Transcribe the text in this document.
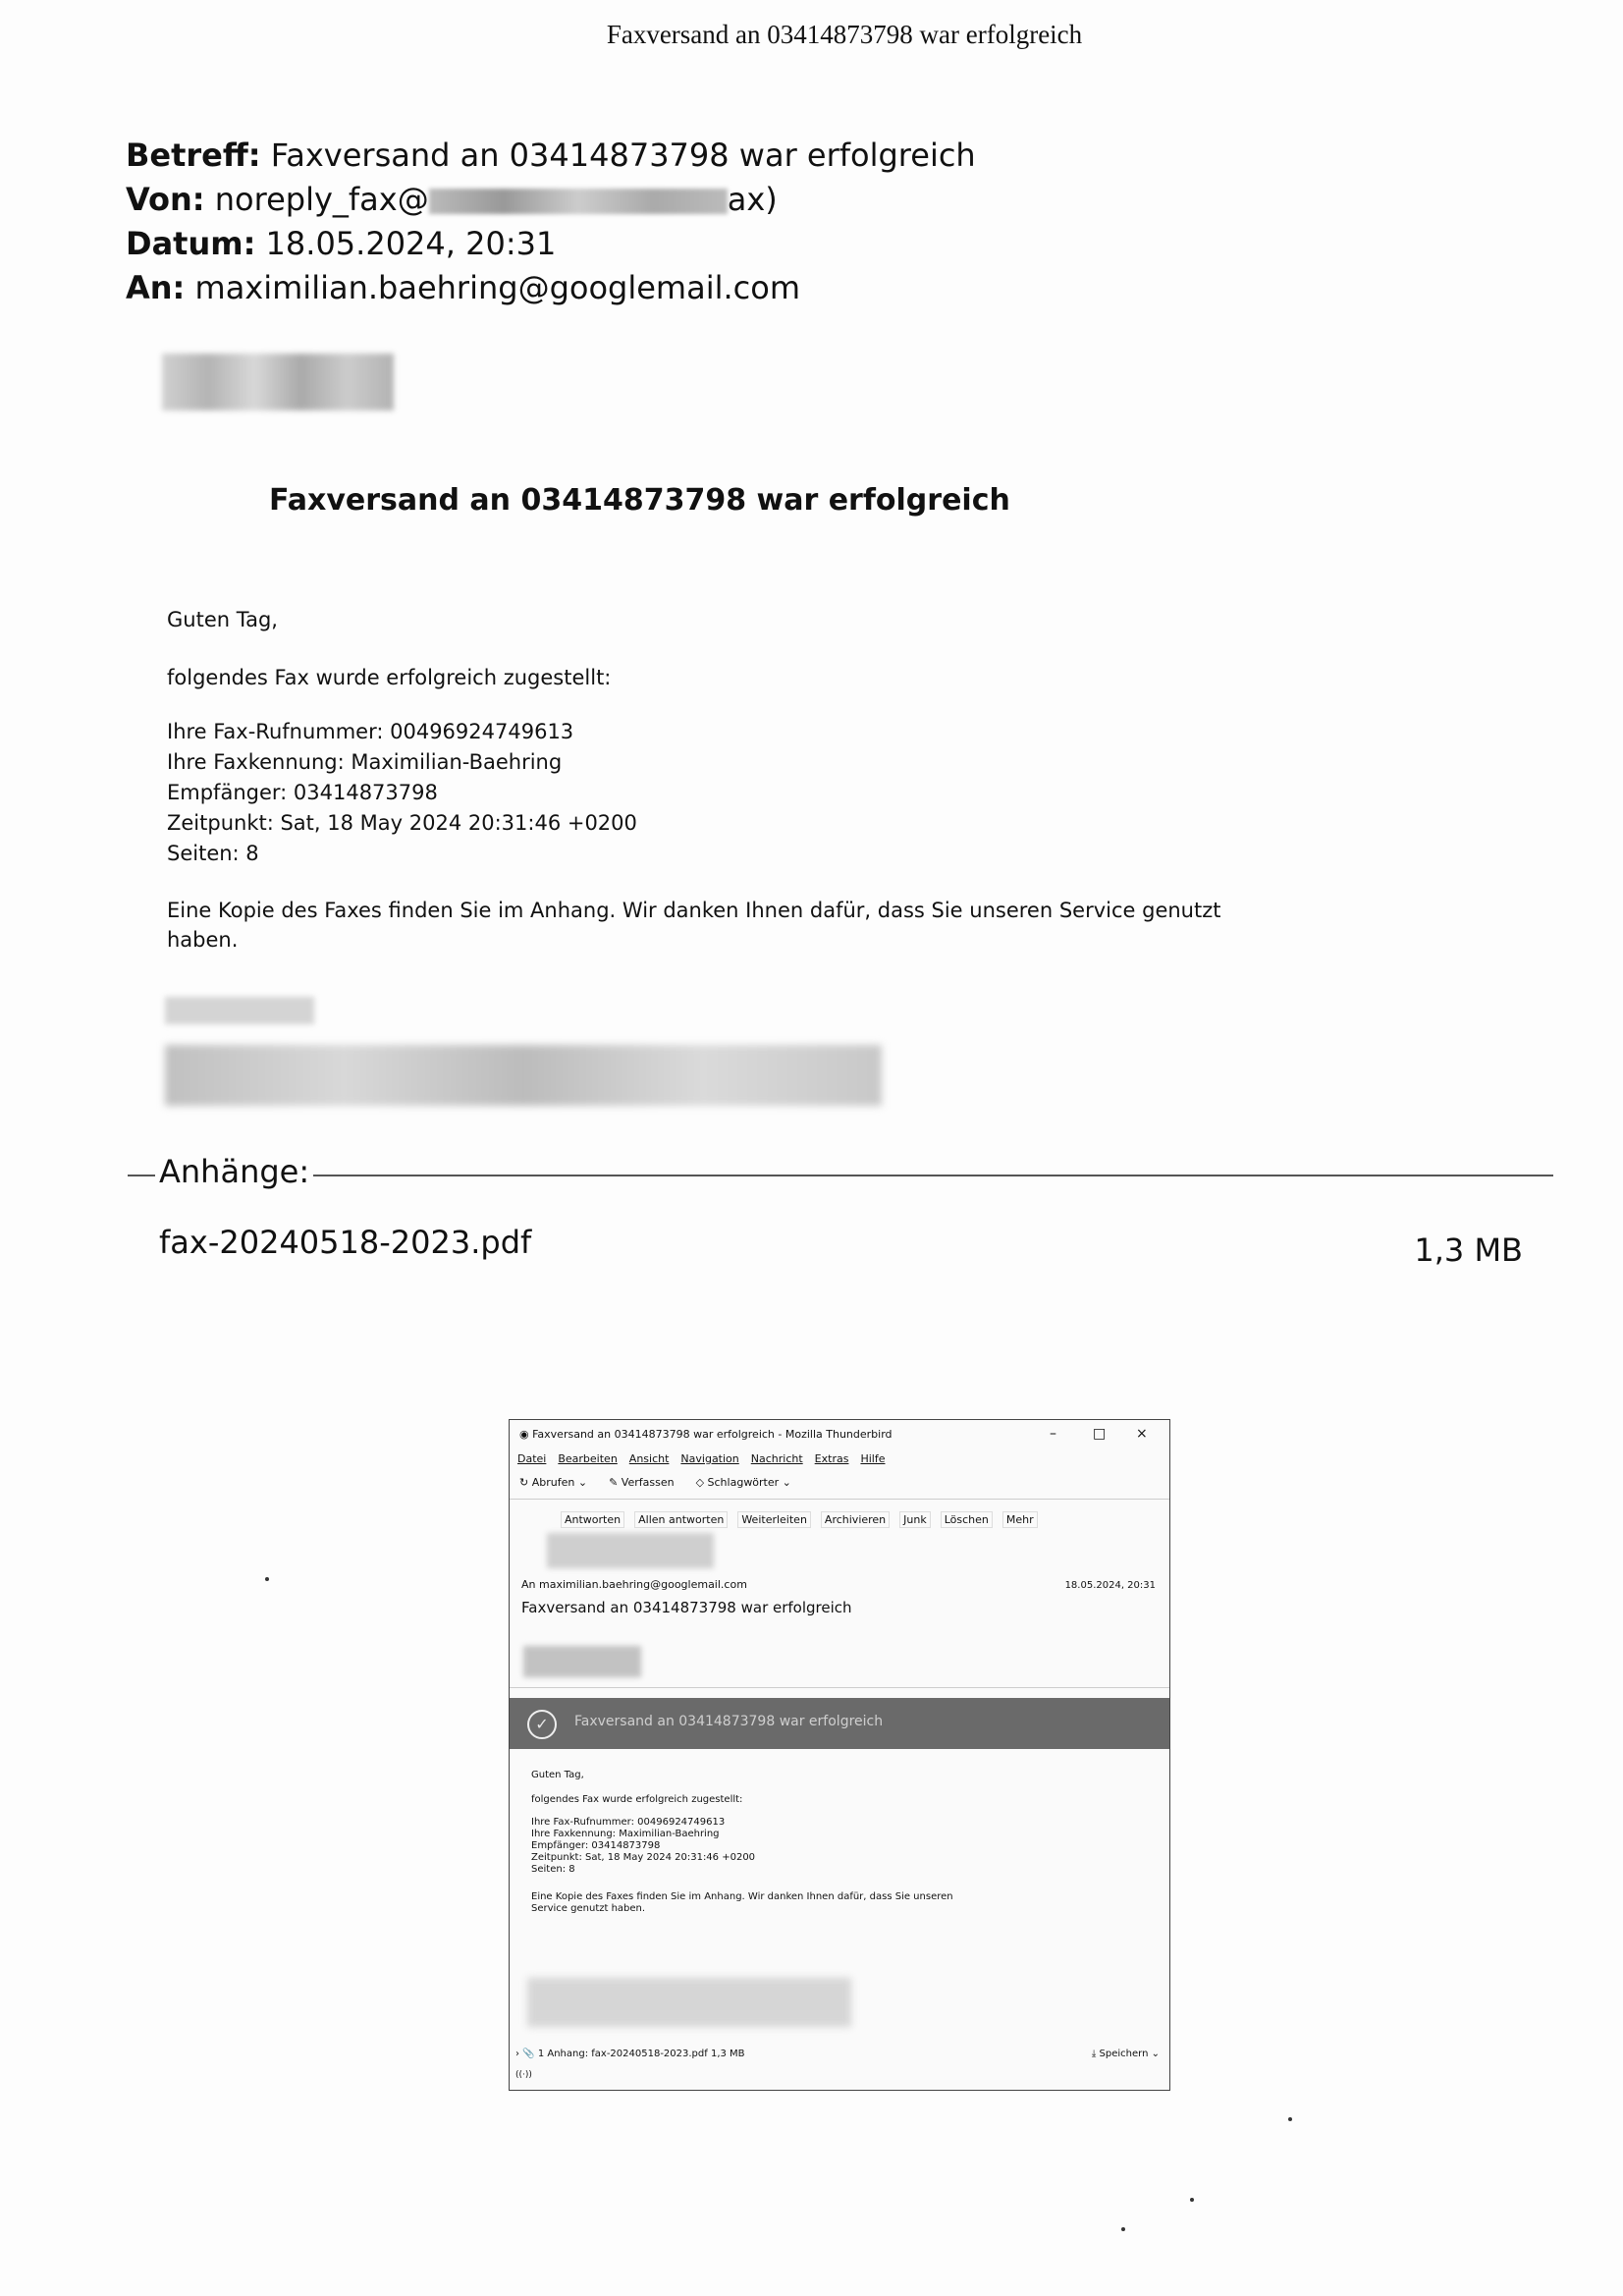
Faxversand an 03414873798 war erfolgreich
Betreff: Faxversand an 03414873798 war erfolgreich
Von: noreply_fax@	ax)
Datum: 18.05.2024, 20:31
An: maximilian.baehring@googlemail.com
Faxversand an 03414873798 war erfolgreich
Guten Tag,
folgendes Fax wurde erfolgreich zugestellt:
Ihre Fax-Rufnummer: 00496924749613
Ihre Faxkennung: Maximilian-Baehring
Empfänger: 03414873798
Zeitpunkt: Sat, 18 May 2024 20:31:46 +0200
Seiten: 8
Eine Kopie des Faxes finden Sie im Anhang. Wir danken Ihnen dafür, dass Sie unseren Service genutzt
haben.
Anhänge:
fax-20240518-2023.pdf	1,3 MB
◉ Faxversand an 03414873798 war erfolgreich - Mozilla Thunderbird	–	□ ×
Datei Bearbeiten Ansicht Navigation Nachricht Extras Hilfe
↻ Abrufen ⌄ ✎ Verfassen ◇ Schlagwörter ⌄
Antworten	Allen antworten	Weiterleiten	Archivieren	Junk	Löschen	Mehr
An maximilian.baehring@googlemail.com	18.05.2024, 20:31
Faxversand an 03414873798 war erfolgreich
✓	Faxversand an 03414873798 war erfolgreich
Guten Tag,
folgendes Fax wurde erfolgreich zugestellt:
Ihre Fax-Rufnummer: 00496924749613
Ihre Faxkennung: Maximilian-Baehring
Empfänger: 03414873798
Zeitpunkt: Sat, 18 May 2024 20:31:46 +0200
Seiten: 8
Eine Kopie des Faxes finden Sie im Anhang. Wir danken Ihnen dafür, dass Sie unseren
Service genutzt haben.
› 📎 1 Anhang: fax-20240518-2023.pdf 1,3 MB	⤓ Speichern ⌄
((·))
